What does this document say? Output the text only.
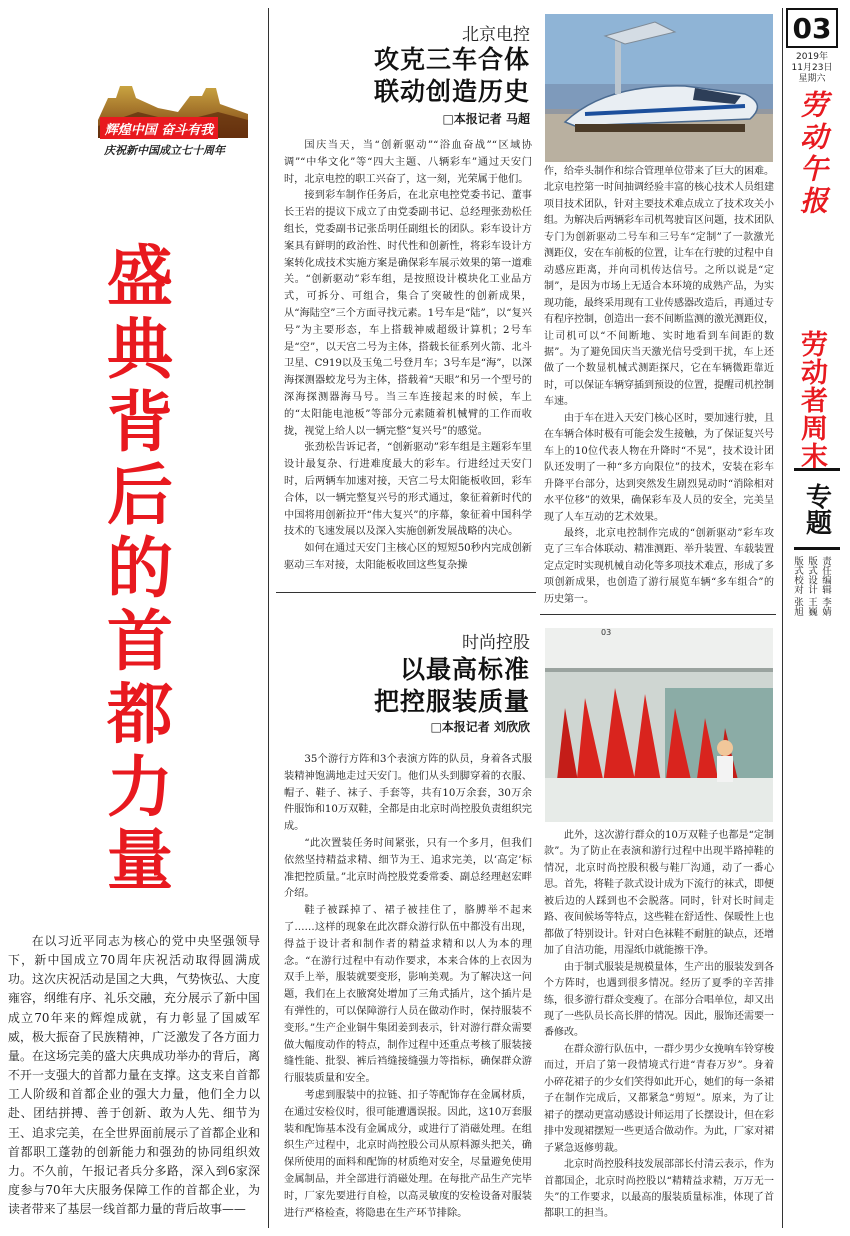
03
2019年
11月23日
星期六
劳动午报
劳动者周末
专题
责任编辑 李婧
版式设计 王巍
版式校对 张旭
辉煌中国 奋斗有我
庆祝新中国成立七十周年
盛典背后的首都力量

在以习近平同志为核心的党中央坚强领导下，新中国成立70周年庆祝活动取得圆满成功。这次庆祝活动是国之大典，气势恢弘、大度雍容，纲维有序、礼乐交融，充分展示了新中国成立70年来的辉煌成就，有力彰显了国威军威，极大振奋了民族精神，广泛激发了各方面力量。在这场完美的盛大庆典成功举办的背后，离不开一支强大的首都力量在支撑。这支来自首都工人阶级和首都企业的强大力量，他们全力以赴、团结拼搏、善于创新、敢为人先、细节为王、追求完美，在全世界面前展示了首都企业和首都职工蓬勃的创新能力和强劲的协同组织效力。不久前，午报记者兵分多路，深入到6家深度参与70年大庆服务保障工作的首都企业，为读者带来了基层一线首都力量的背后故事——

北京电控
攻克三车合体
联动创造历史
□本报记者 马超

国庆当天，当“创新驱动”“浴血奋战”“区域协调”“中华文化”等“四大主题、八辆彩车”通过天安门时，北京电控的职工兴奋了，这一刻，光荣属于他们。

接到彩车制作任务后，在北京电控党委书记、董事长王岩的提议下成立了由党委副书记、总经理张劲松任组长，党委副书记张岳明任副组长的团队。彩车设计方案具有鲜明的政治性、时代性和创新性，将彩车设计方案转化成技术实施方案是确保彩车展示效果的第一道难关。“创新驱动”彩车组，是按照设计模块化工业品方式，可拆分、可组合，集合了突破性的创新成果，从“海陆空”三个方面寻找元素。1号车是“陆”，以“复兴号”为主要形态，车上搭载神威超级计算机；2号车是“空”，以天宫二号为主体，搭载长征系列火箭、北斗卫星、C919以及玉兔二号登月车；3号车是“海”，以深海探测器蛟龙号为主体，搭载着“天眼”和另一个型号的深海探测器海马号。当三车连接起来的时候，车上的“太阳能电池板”等部分元素随着机械臂的工作而收拢，视觉上给人以一辆完整“复兴号”的感觉。

张劲松告诉记者，“创新驱动”彩车组是主题彩车里设计最复杂、行进难度最大的彩车。行进经过天安门时，后两辆车加速对接，天宫二号太阳能板收回，彩车合体，以一辆完整复兴号的形式通过，象征着新时代的中国将用创新拉开“伟大复兴”的序幕，象征着中国科学技术的飞速发展以及深入实施创新发展战略的决心。

如何在通过天安门主核心区的短短50秒内完成创新驱动三车对接，太阳能板收回这些复杂操

作，给牵头制作和综合管理单位带来了巨大的困难。北京电控第一时间抽调经验丰富的核心技术人员组建项目技术团队，针对主要技术难点成立了技术攻关小组。为解决后两辆彩车司机驾驶盲区问题，技术团队专门为创新驱动二号车和三号车“定制”了一款激光测距仪，安在车前板的位置，让车在行驶的过程中自动感应距离，并向司机传达信号。之所以说是“定制”，是因为市场上无适合本环境的成熟产品，为实现功能，最终采用现有工业传感器改造后，再通过专有程序控制，创造出一套不间断监测的激光测距仪，让司机可以“不间断地、实时地看到车间距的数据”。为了避免国庆当天激光信号受到干扰，车上还做了一个数显机械式测距探尺，它在车辆微距靠近时，可以保证车辆穿插到预设的位置，提醒司机控制车速。

由于车在进入天安门核心区时，要加速行驶，且在车辆合体时极有可能会发生接触，为了保证复兴号车上的10位代表人物在升降时“不晃”，技术设计团队还发明了一种“多方向限位”的技术，安装在彩车升降平台部分，达到突然发生剧烈晃动时“消除相对水平位移”的效果，确保彩车及人员的安全，完美呈现了人车互动的艺术效果。

最终，北京电控制作完成的“创新驱动”彩车攻克了三车合体联动、精准测距、举升装置、车载装置定点定时实现机械自动化等多项技术难点，形成了多项创新成果，也创造了游行展览车辆“多车组合”的历史第一。

时尚控股
以最高标准
把控服装质量
□本报记者 刘欣欣
03

35个游行方阵和3个表演方阵的队员，身着各式服装精神饱满地走过天安门。他们从头到脚穿着的衣服、帽子、鞋子、袜子、手套等，共有10万余套，30万余件服饰和10万双鞋，全都是由北京时尚控股负责组织完成。

“此次置装任务时间紧张，只有一个多月，但我们依然坚持精益求精、细节为王、追求完美，以‘高定’标准把控质量。”北京时尚控股党委常委、副总经理赵宏畔介绍。

鞋子被踩掉了、裙子被挂住了，胳膊举不起来了……这样的现象在此次群众游行队伍中都没有出现，得益于设计者和制作者的精益求精和以人为本的理念。“在游行过程中有动作要求，本来合体的上衣因为双手上举，服装就要变形，影响美观。为了解决这一问题，我们在上衣腋窝处增加了三角式插片，这个插片是有弹性的，可以保障游行人员在做动作时，保持服装不变形。”生产企业铜牛集团姜到表示，针对游行群众需要做大幅度动作的特点，制作过程中还重点考核了服装接缝性能、批裂、裤后裆缝接缝强力等指标，确保群众游行服装质量和安全。

考虑到服装中的拉链、扣子等配饰存在金属材质，在通过安检仪时，很可能遭遇误报。因此，这10万套服装和配饰基本没有金属成分，或进行了消磁处理。在组织生产过程中，北京时尚控股公司从原料源头把关，确保所使用的面料和配饰的材质绝对安全，尽量避免使用金属制品，并全部进行消磁处理。在每批产品生产完毕时，厂家先要进行自检，以高灵敏度的安检设备对服装进行严格检查，将隐患在生产环节排除。

此外，这次游行群众的10万双鞋子也都是“定制款”。为了防止在表演和游行过程中出现半路掉鞋的情况，北京时尚控股积极与鞋厂沟通，动了一番心思。首先，将鞋子款式设计成为下流行的袜式，即便被后边的人踩到也不会脱落。同时，针对长时间走路、夜间候场等特点，这些鞋在舒适性、保暖性上也都做了特别设计。针对白色袜鞋不耐脏的缺点，还增加了自洁功能，用湿纸巾就能擦干净。

由于制式服装是规模量体，生产出的服装发到各个方阵时，也遇到很多情况。经历了夏季的辛苦排练，很多游行群众变瘦了。在部分合唱单位，却又出现了一些队员长高长胖的情况。因此，服饰还需要一番修改。

在群众游行队伍中，一群少男少女挽响车铃穿梭而过，开启了第一段情境式行进“青春万岁”。身着小碎花裙子的少女们笑得如此开心，她们的每一条裙子在制作完成后，又都紧急“剪短”。原来，为了让裙子的摆动更富动感设计师运用了长摆设计，但在彩排中发现裙摆短一些更适合做动作。为此，厂家对裙子紧急返修剪裁。

北京时尚控股科技发展部部长付清云表示，作为首都国企，北京时尚控股以“精精益求精，万万无一失”的工作要求，以最高的服装质量标准，体现了首都职工的担当。
